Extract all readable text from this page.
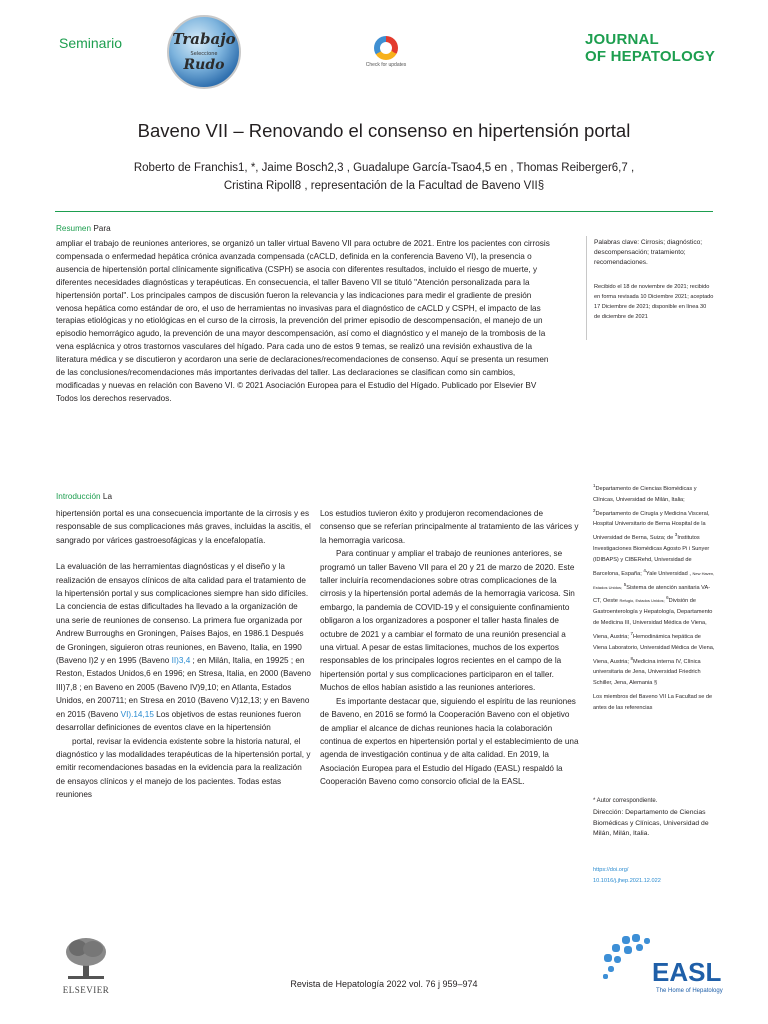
Seminario	Trabajo
Seleccione
Rudo	Check for updates
JOURNAL
OF HEPATOLOGY
Baveno VII – Renovando el consenso en hipertensión portal
Roberto de Franchis1, *, Jaime Bosch2,3 , Guadalupe García-Tsao4,5 en , Thomas Reiberger6,7 ,
Cristina Ripoll8 , representación de la Facultad de Baveno VII§
Resumen Para
ampliar el trabajo de reuniones anteriores, se organizó un taller virtual Baveno VII para octubre de 2021. Entre los pacientes con cirrosis
compensada o enfermedad hepática crónica avanzada compensada (cACLD, definida en la conferencia Baveno VI), la presencia o
ausencia de hipertensión portal clínicamente significativa (CSPH) se asocia con diferentes resultados, incluido el riesgo de muerte, y
diferentes necesidades diagnósticas y terapéuticas. En consecuencia, el taller Baveno VII se tituló "Atención personalizada para la
hipertensión portal". Los principales campos de discusión fueron la relevancia y las indicaciones para medir el gradiente de presión
venosa hepática como estándar de oro, el uso de herramientas no invasivas para el diagnóstico de cACLD y CSPH, el impacto de las
terapias etiológicas y no etiológicas en el curso de la cirrosis, la prevención del primer episodio de descompensación, el manejo de un
episodio hemorrágico agudo, la prevención de una mayor descompensación, así como el diagnóstico y el manejo de la trombosis de la
vena esplácnica y otros trastornos vasculares del hígado. Para cada uno de estos 9 temas, se realizó una revisión exhaustiva de la
literatura médica y se discutieron y acordaron una serie de declaraciones/recomendaciones de consenso. Aquí se presenta un resumen
de las conclusiones/recomendaciones más importantes derivadas del taller. Las declaraciones se clasifican como sin cambios,
modificadas y nuevas en relación con Baveno VI. © 2021 Asociación Europea para el Estudio del Hígado. Publicado por Elsevier BV
Todos los derechos reservados.
Palabras clave: Cirrosis; diagnóstico; descompensación; tratamiento; recomendaciones.
Recibido el 18 de noviembre de 2021; recibido en forma revisada 10 Diciembre 2021; aceptado 17 Diciembre de 2021; disponible en línea 30 de diciembre de 2021
Introducción La

hipertensión portal es una consecuencia importante de la cirrosis y es responsable de sus complicaciones más graves, incluidas la ascitis, el sangrado por várices gastroesofágicas y la encefalopatía.

La evaluación de las herramientas diagnósticas y el diseño y la realización de ensayos clínicos de alta calidad para el tratamiento de la hipertensión portal y sus complicaciones siempre han sido difíciles. La conciencia de estas dificultades ha llevado a la organización de una serie de reuniones de consenso. La primera fue organizada por Andrew Burroughs en Groningen, Países Bajos, en 1986.1 Después de Groningen, siguieron otras reuniones, en Baveno, Italia, en 1990 (Baveno I)2 y en 1995 (Baveno II)3,4 ; en Milán, Italia, en 19925 ; en Reston, Estados Unidos,6 en 1996; en Stresa, Italia, en 2000 (Baveno III)7,8 ; en Baveno en 2005 (Baveno IV)9,10; en Atlanta, Estados Unidos, en 200711; en Stresa en 2010 (Baveno V)12,13; y en Baveno en 2015 (Baveno VI).14,15 Los objetivos de estas reuniones fueron desarrollar definiciones de eventos clave en la hipertensión

portal, revisar la evidencia existente sobre la historia natural, el diagnóstico y las modalidades terapéuticas de la hipertensión portal, y emitir recomendaciones basadas en la evidencia para la realización de ensayos clínicos y el manejo de los pacientes. Todas estas reuniones

Los estudios tuvieron éxito y produjeron recomendaciones de consenso que se referían principalmente al tratamiento de las várices y la hemorragia varicosa.

Para continuar y ampliar el trabajo de reuniones anteriores, se programó un taller Baveno VII para el 20 y 21 de marzo de 2020. Este taller incluiría recomendaciones sobre otras complicaciones de la cirrosis y la hipertensión portal además de la hemorragia varicosa. Sin embargo, la pandemia de COVID-19 y el consiguiente confinamiento obligaron a los organizadores a posponer el taller hasta finales de octubre de 2021 y a cambiar el formato de una reunión presencial a una virtual. A pesar de estas limitaciones, muchos de los expertos responsables de los principales logros recientes en el campo de la hipertensión portal y sus complicaciones participaron en el taller.

Muchos de ellos habían asistido a las reuniones anteriores.

Es importante destacar que, siguiendo el espíritu de las reuniones de Baveno, en 2016 se formó la Cooperación Baveno con el objetivo de ampliar el alcance de dichas reuniones hacia la colaboración continua de expertos en hipertensión portal y el establecimiento de una agenda de investigación continua y de alta calidad. En 2019, la Asociación Europea para el Estudio del Hígado (EASL) respaldó la Cooperación Baveno como consorcio oficial de la EASL.

$^1$Departamento de Ciencias Biomédicas y Clínicas, Universidad de Milán, Italia; $^2$Departamento de Cirugía y Medicina Visceral, Hospital Universitario de Berna Hospital de la Universidad de Berna, Suiza; de $^3$Institutos Investigaciones Biomédicas Agosto Pi i Sunyer (IDIBAPS) y CIBERehd, Universidad de Barcelona, España; $^4$Yale Universidad , New Haven, Estados Unidos; $^5$Sistema de atención sanitaria VA-CT, Oeste Refugio, Estados Unidos; $^6$División de Gastroenterología y Hepatología, Departamento de Medicina III, Universidad Médica de Viena, Viena, Austria; $^7$Hemodinámica hepática de Viena Laboratorio, Universidad Médica de Viena, Viena, Austria; $^8$Medicina interna IV, Clínica universitaria de Jena, Universidad Friedrich Schiller, Jena, Alemania §
Los miembros del Baveno VII La Facultad se de antes de las referencias
* Autor correspondiente.
Dirección: Departamento de Ciencias Biomédicas y Clínicas, Universidad de Milán, Milán, Italia.
https://doi.org/
10.1016/j.jhep.2021.12.022
ELSEVIER
Revista de Hepatología 2022 vol. 76 j 959–974	EASL
The Home of Hepatology
